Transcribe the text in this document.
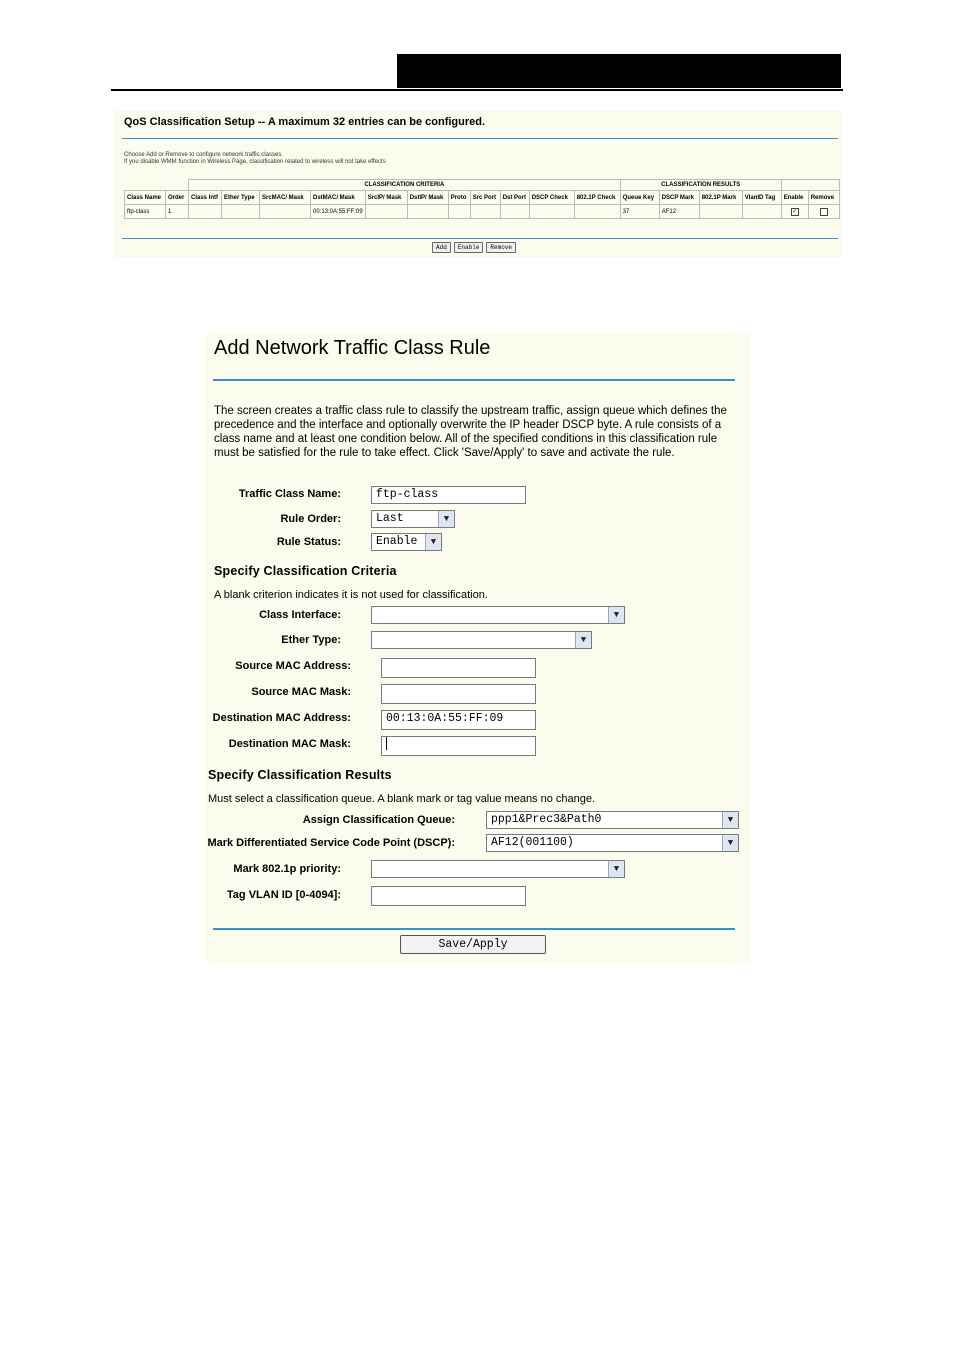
QoS Classification Setup -- A maximum 32 entries can be configured.
Choose Add or Remove to configure network traffic classes.
If you disable WMM function in Wireless Page, classification related to wireless will not take effects
		CLASSIFICATION CRITERIA											CLASSIFICATION RESULTS					
Class Name	Order	Class Intf	Ether Type	SrcMAC/ Mask	DstMAC/ Mask	SrcIP/ Mask	DstIP/ Mask	Proto	Src Port	Dst Port	DSCP Check	802.1P Check	Queue Key	DSCP Mark	802.1P Mark	VlanID Tag	Enable	Remove
ftp-class	1				00:13:0A:55:FF:09								37	AF12			✓	
Add	Enable	Remove
Add Network Traffic Class Rule
The screen creates a traffic class rule to classify the upstream traffic, assign queue which defines the precedence and the interface and optionally overwrite the IP header DSCP byte. A rule consists of a class name and at least one condition below. All of the specified conditions in this classification rule must be satisfied for the rule to take effect. Click 'Save/Apply' to save and activate the rule.
Traffic Class Name:	ftp-class
Rule Order:	Last	▼
Rule Status:	Enable	▼
Specify Classification Criteria
A blank criterion indicates it is not used for classification.
Class Interface:	▼
Ether Type:	▼
Source MAC Address:
Source MAC Mask:
Destination MAC Address:	00:13:0A:55:FF:09
Destination MAC Mask:
Specify Classification Results
Must select a classification queue. A blank mark or tag value means no change.
Assign Classification Queue:	ppp1&Prec3&Path0	▼
Mark Differentiated Service Code Point (DSCP):	AF12(001100)	▼
Mark 802.1p priority:	▼
Tag VLAN ID [0-4094]:
Save/Apply
